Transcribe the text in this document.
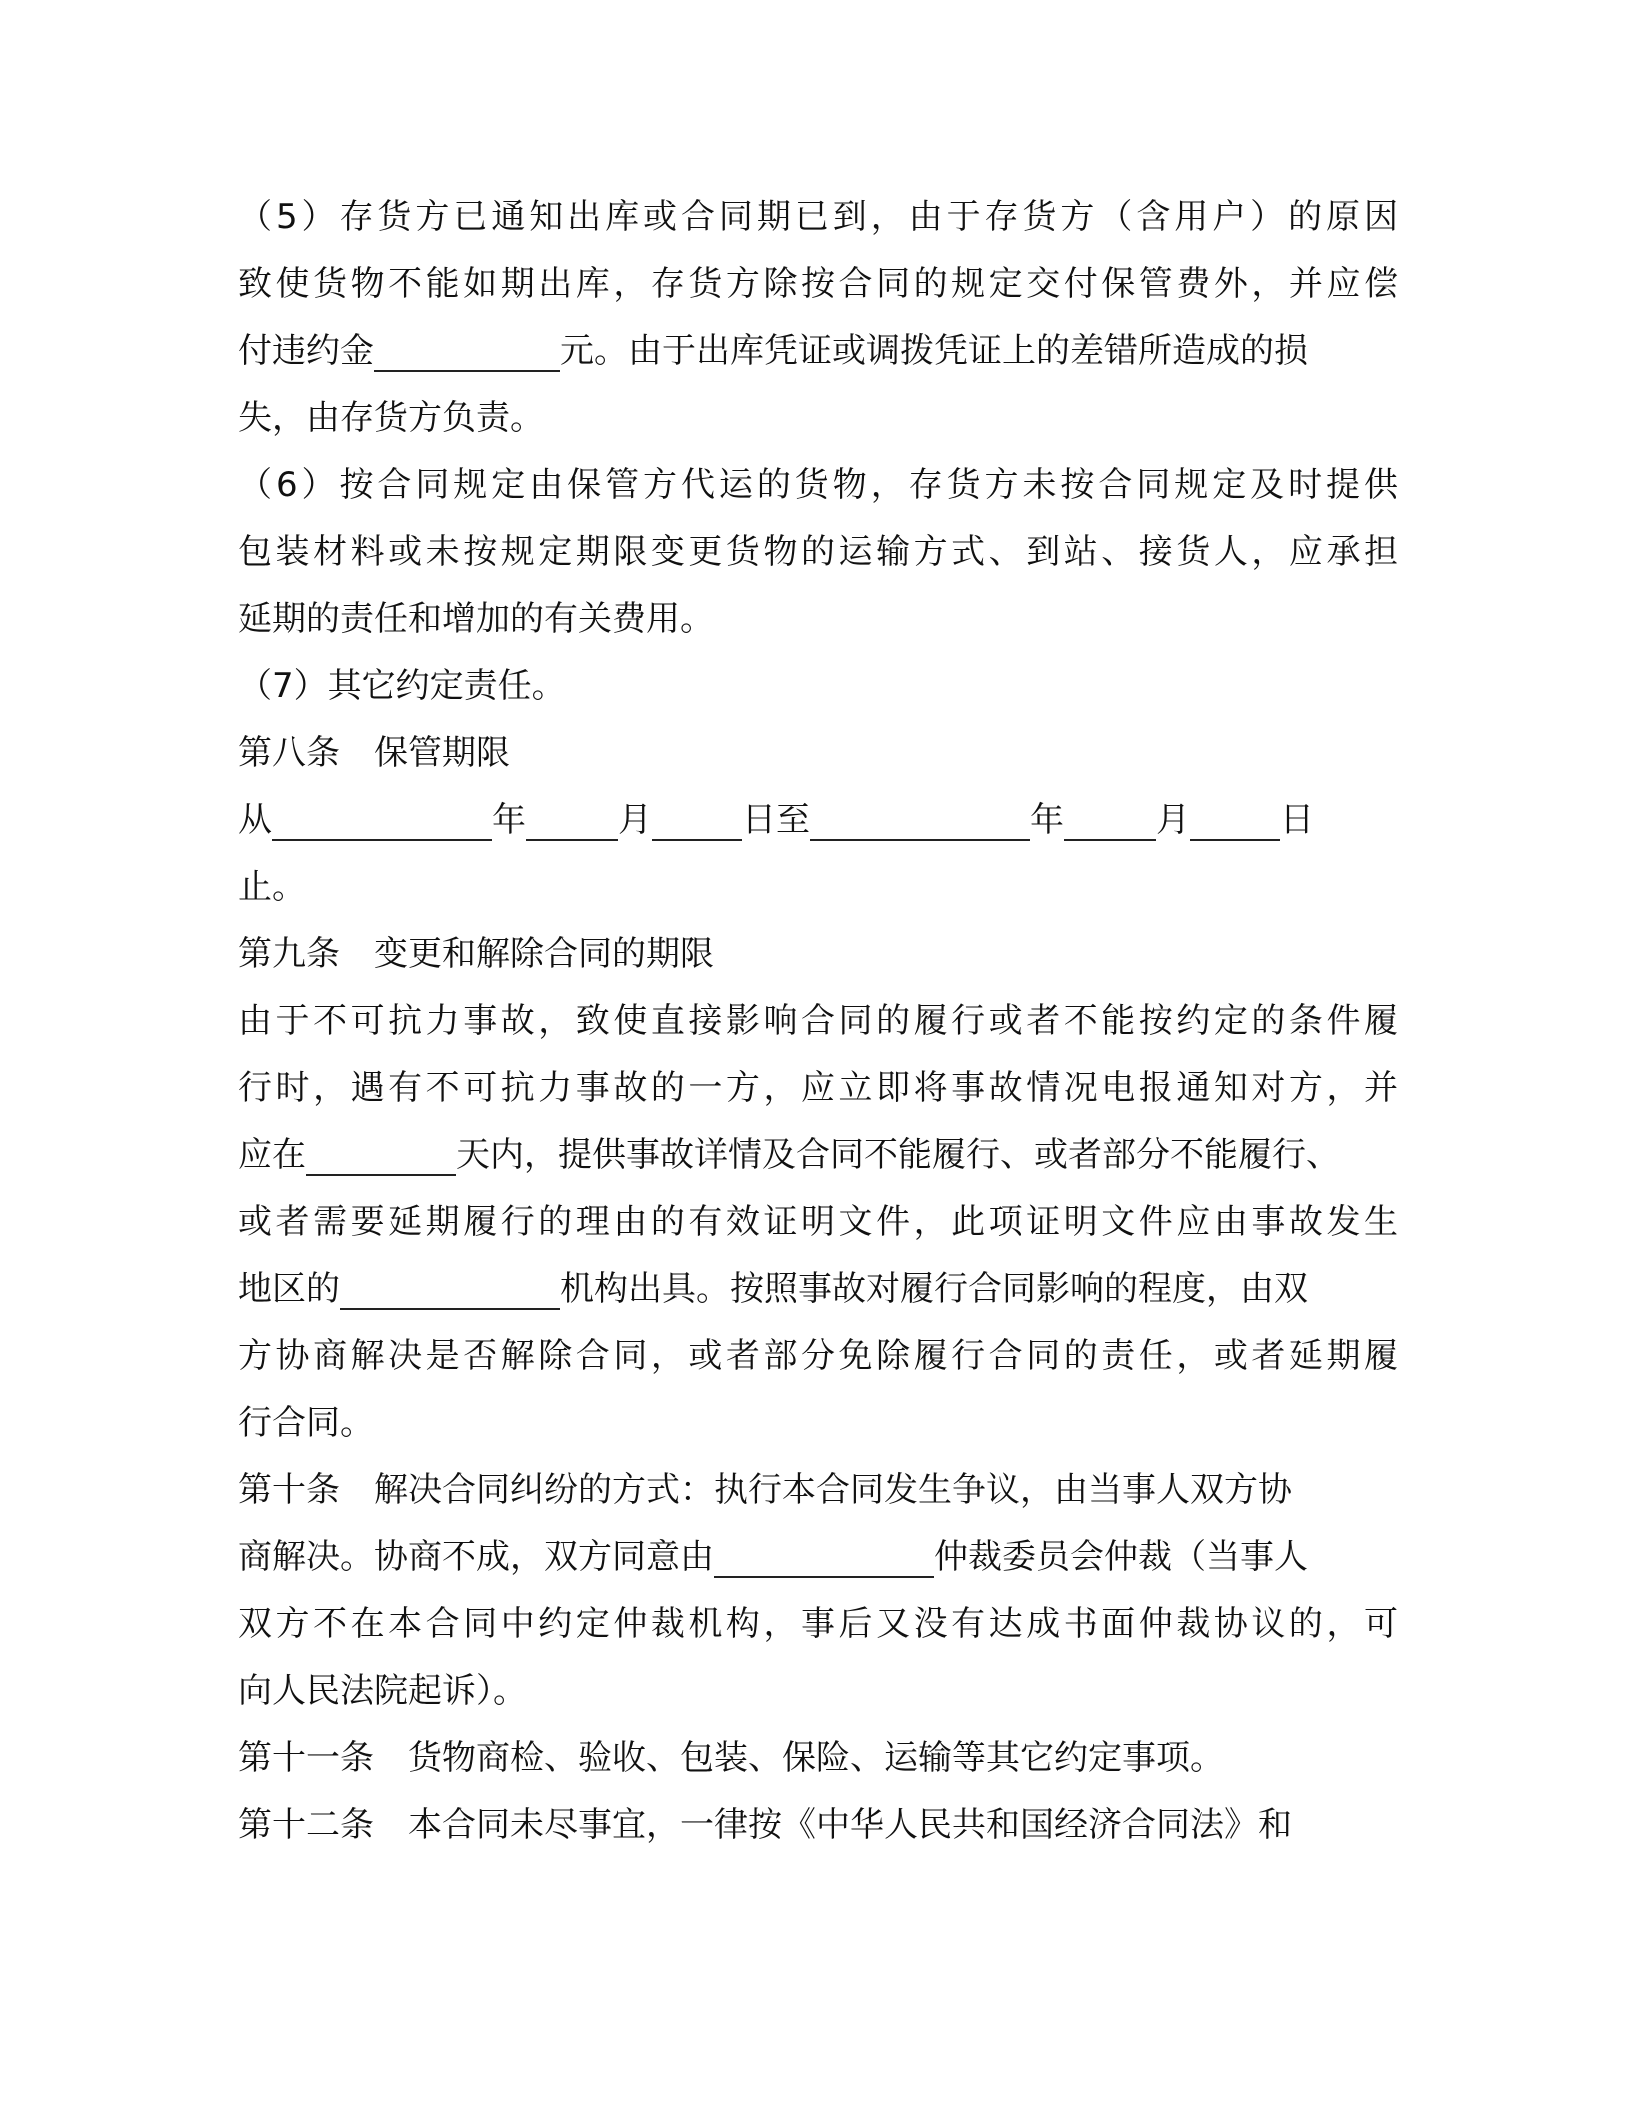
（5）存货方已通知出库或合同期已到，由于存货方（含用户）的原因
致使货物不能如期出库，存货方除按合同的规定交付保管费外，并应偿
付违约金	元。由于出库凭证或调拨凭证上的差错所造成的损
失，由存货方负责。
（6）按合同规定由保管方代运的货物，存货方未按合同规定及时提供
包装材料或未按规定期限变更货物的运输方式、到站、接货人，应承担
延期的责任和增加的有关费用。
（7）其它约定责任。
第八条 保管期限
从	年	月	日至	年	月	日
止。
第九条 变更和解除合同的期限
由于不可抗力事故，致使直接影响合同的履行或者不能按约定的条件履
行时，遇有不可抗力事故的一方，应立即将事故情况电报通知对方，并
应在	天内，提供事故详情及合同不能履行、或者部分不能履行、
或者需要延期履行的理由的有效证明文件，此项证明文件应由事故发生
地区的	机构出具。按照事故对履行合同影响的程度，由双
方协商解决是否解除合同，或者部分免除履行合同的责任，或者延期履
行合同。
第十条 解决合同纠纷的方式：执行本合同发生争议，由当事人双方协
商解决。协商不成，双方同意由	仲裁委员会仲裁（当事人
双方不在本合同中约定仲裁机构，事后又没有达成书面仲裁协议的，可
向人民法院起诉）。
第十一条 货物商检、验收、包装、保险、运输等其它约定事项。
第十二条 本合同未尽事宜，一律按《中华人民共和国经济合同法》和
